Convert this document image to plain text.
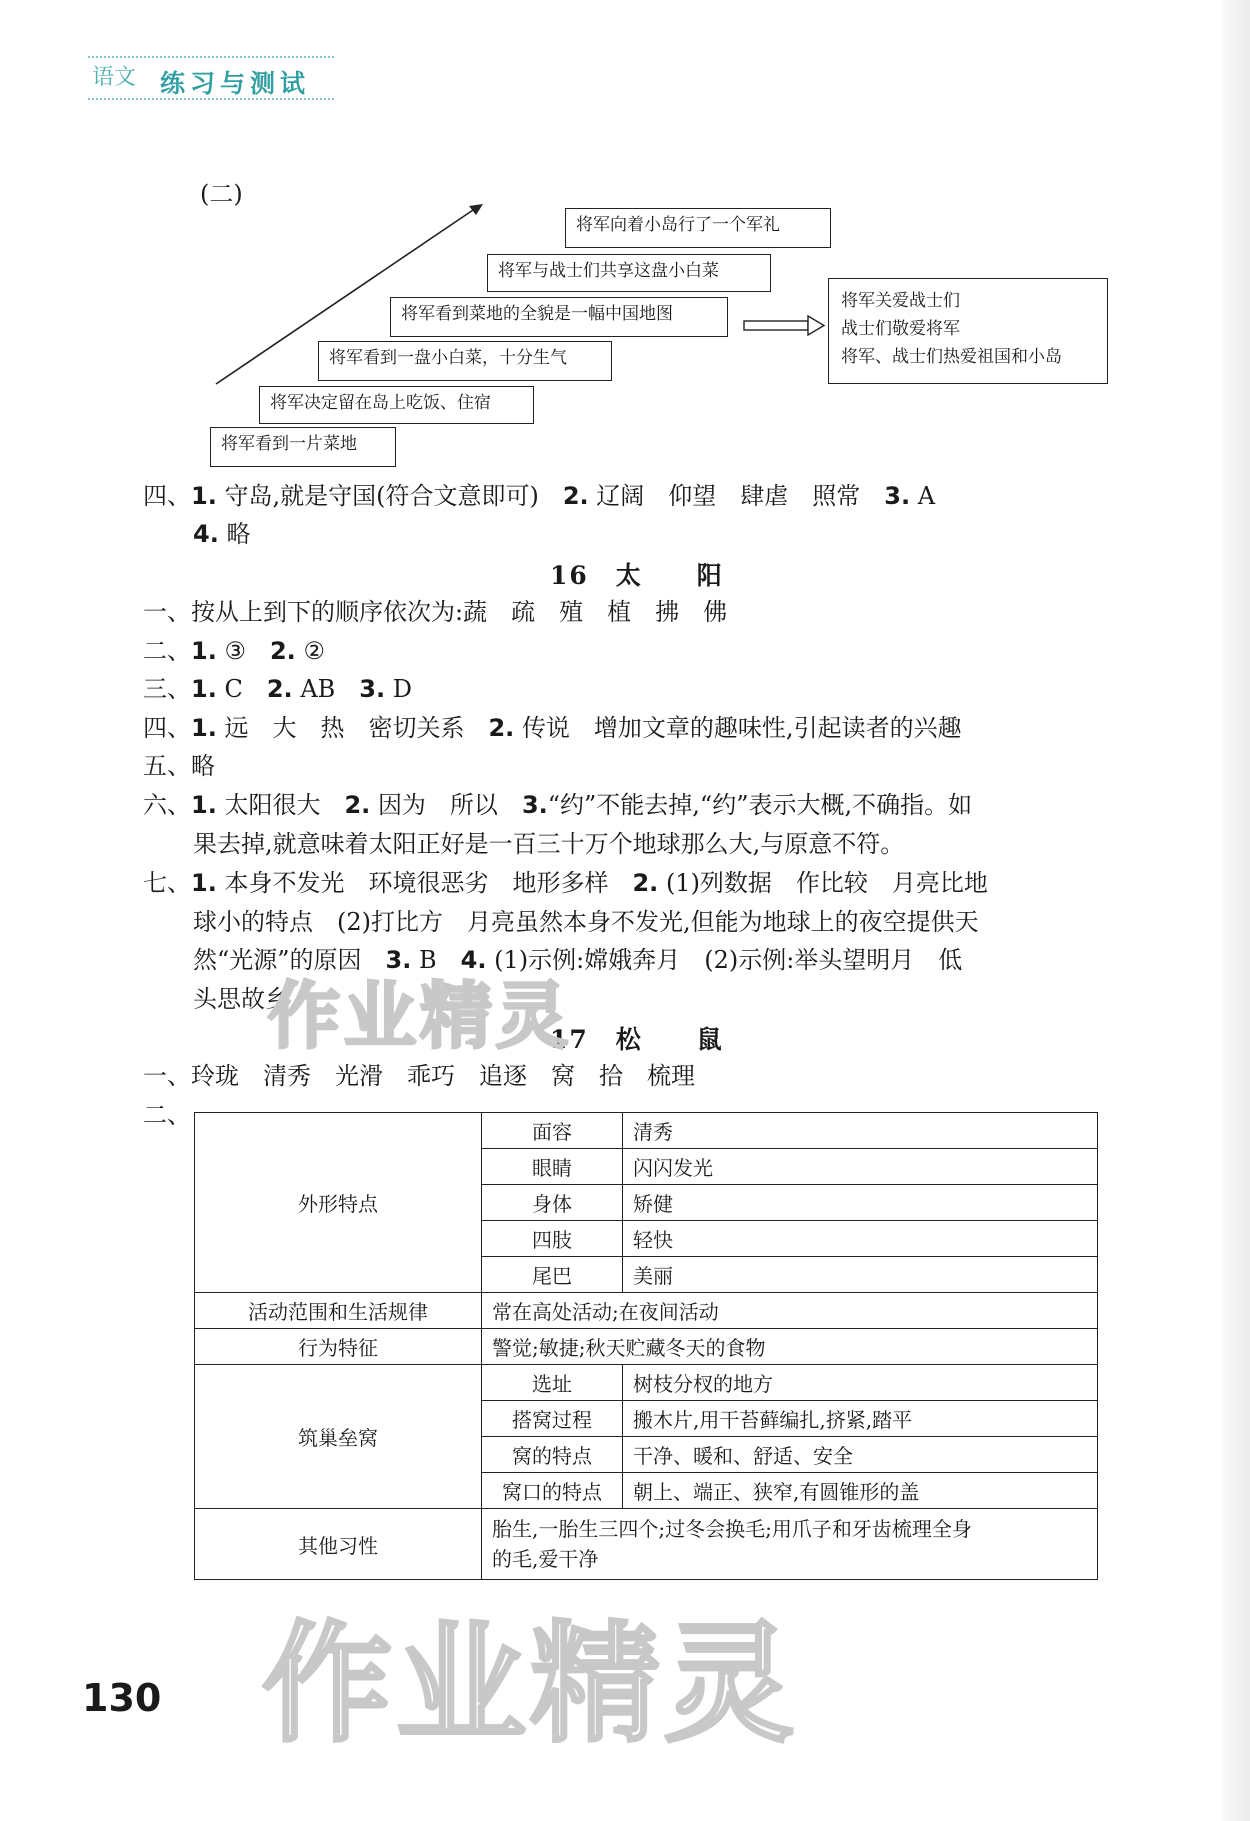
语文 练习与测试
(二)
将军向着小岛行了一个军礼
将军与战士们共享这盘小白菜
将军看到菜地的全貌是一幅中国地图
将军看到一盘小白菜，十分生气
将军决定留在岛上吃饭、住宿
将军看到一片菜地
将军关爱战士们
战士们敬爱将军
将军、战士们热爱祖国和小岛
四、1. 守岛,就是守国(符合文意即可)　 2. 辽阔　仰望　肆虐　照常　 3. A
4. 略
16　太　　阳
一、按从上到下的顺序依次为:蔬　疏　殖　植　拂　佛
二、1. ③　 2. ②
三、1. C　 2. AB　 3. D
四、1. 远　大　热　密切关系　 2. 传说　增加文章的趣味性,引起读者的兴趣
五、略
六、1. 太阳很大　 2. 因为　所以　 3.“约”不能去掉,“约”表示大概,不确指。如
果去掉,就意味着太阳正好是一百三十万个地球那么大,与原意不符。
七、1. 本身不发光　环境很恶劣　地形多样　 2. (1)列数据　作比较　月亮比地
球小的特点　(2)打比方　月亮虽然本身不发光,但能为地球上的夜空提供天
然“光源”的原因　 3. B　 4. (1)示例:嫦娥奔月　(2)示例:举头望明月　低
头思故乡
17　松　　鼠
一、玲珑　清秀　光滑　乖巧　追逐　窝　拾　梳理
二、
外形特点	面容	清秀
	眼睛	闪闪发光
	身体	矫健
	四肢	轻快
	尾巴	美丽
活动范围和生活规律	常在高处活动;在夜间活动	
行为特征	警觉;敏捷;秋天贮藏冬天的食物	
筑巢垒窝	选址	树枝分杈的地方
	搭窝过程	搬木片,用干苔藓编扎,挤紧,踏平
	窝的特点	干净、暖和、舒适、安全
	窝口的特点	朝上、端正、狭窄,有圆锥形的盖
其他习性	胎生,一胎生三四个;过冬会换毛;用爪子和牙齿梳理全身
的毛,爱干净	
作业精灵
作业精灵
130
